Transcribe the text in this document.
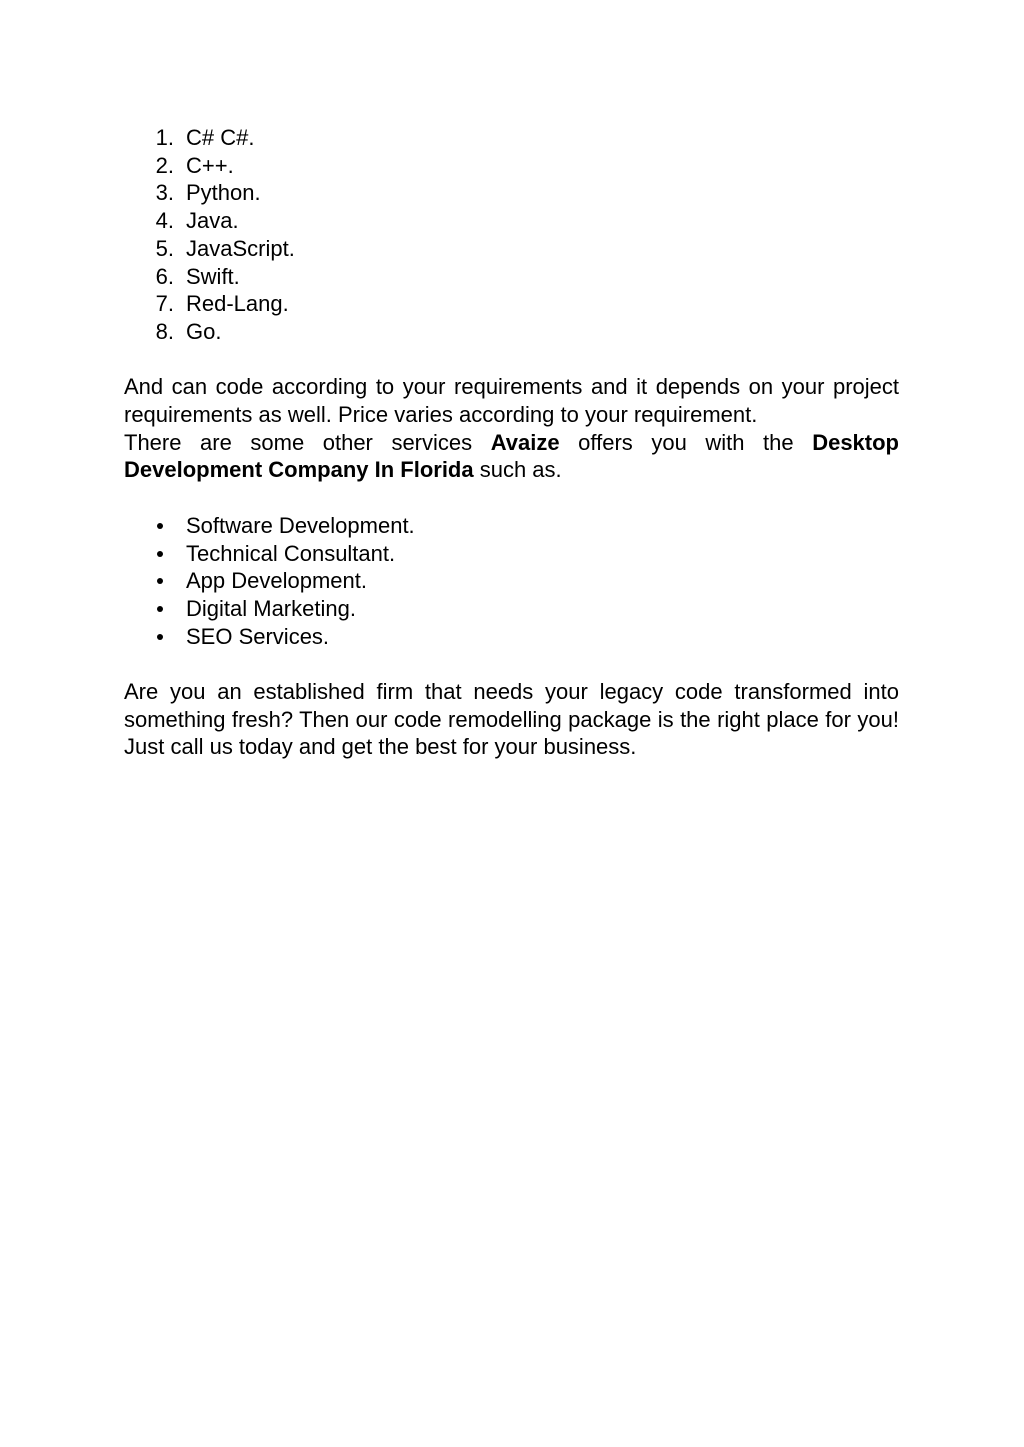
1. C# C#.
2. C++.
3. Python.
4. Java.
5. JavaScript.
6. Swift.
7. Red-Lang.
8. Go.

And can code according to your requirements and it depends on your project requirements as well. Price varies according to your requirement.

There are some other services Avaize offers you with the Desktop Development Company In Florida such as.

Software Development.
Technical Consultant.
App Development.
Digital Marketing.
SEO Services.

Are you an established firm that needs your legacy code transformed into something fresh? Then our code remodelling package is the right place for you! Just call us today and get the best for your business.
